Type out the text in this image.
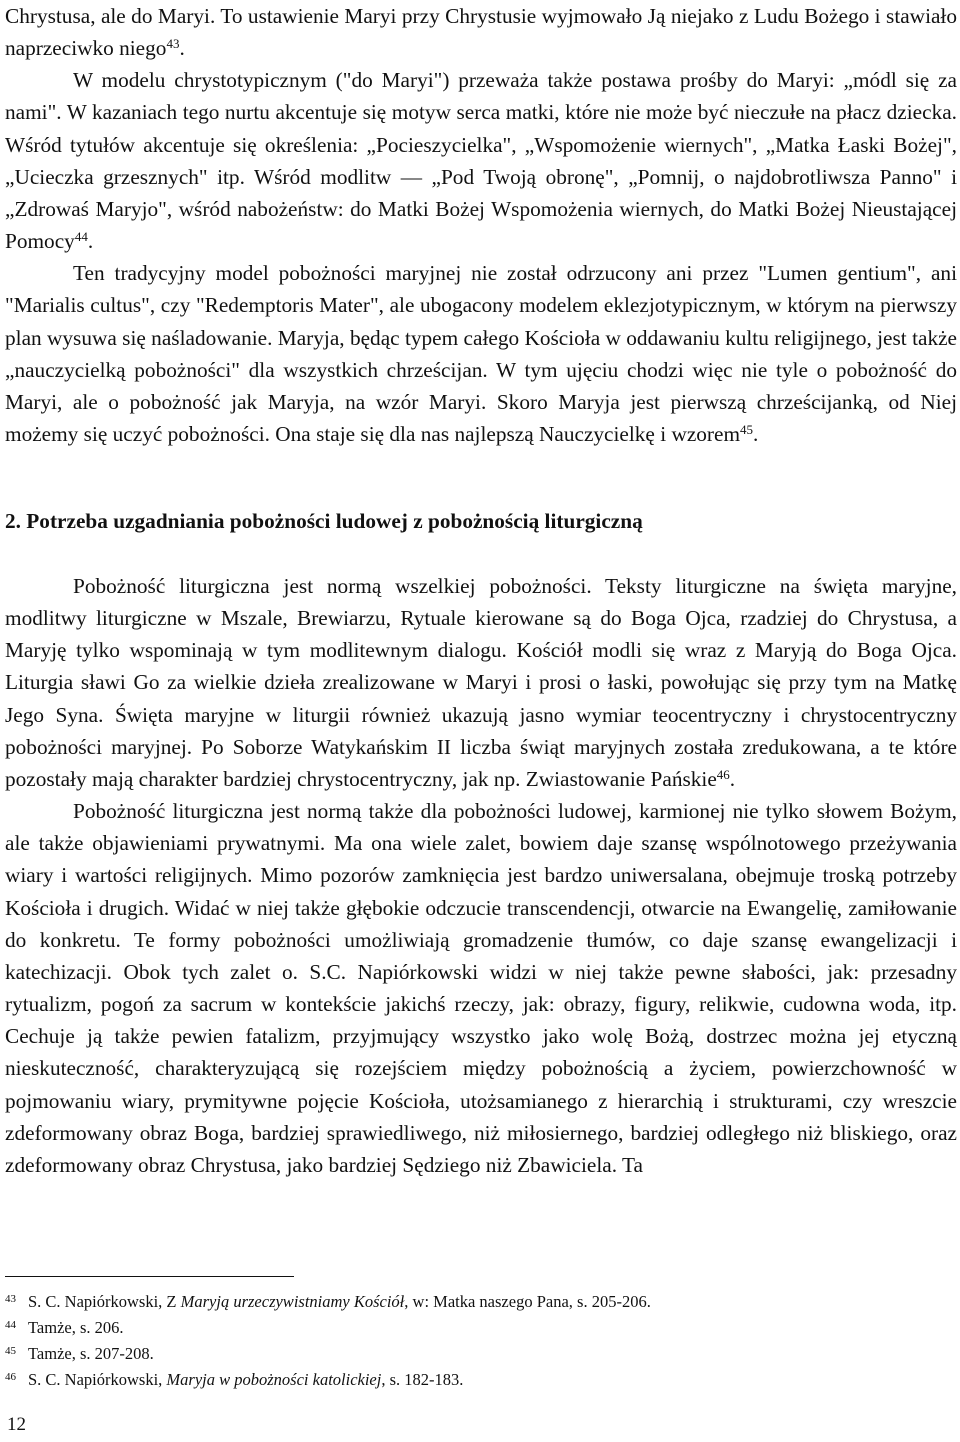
Chrystusa, ale do Maryi. To ustawienie Maryi przy Chrystusie wyjmowało Ją niejako z Ludu Bożego i stawiało naprzeciwko niego$^{43}$.

W modelu chrystotypicznym ("do Maryi") przeważa także postawa prośby do Maryi: „módl się za nami". W kazaniach tego nurtu akcentuje się motyw serca matki, które nie może być nieczułe na płacz dziecka. Wśród tytułów akcentuje się określenia: „Pocieszycielka", „Wspomożenie wiernych", „Matka Łaski Bożej", „Ucieczka grzesznych" itp. Wśród modlitw — „Pod Twoją obronę", „Pomnij, o najdobrotliwsza Panno" i „Zdrowaś Maryjo", wśród nabożeństw: do Matki Bożej Wspomożenia wiernych, do Matki Bożej Nieustającej Pomocy$^{44}$.

Ten tradycyjny model pobożności maryjnej nie został odrzucony ani przez "Lumen gentium", ani "Marialis cultus", czy "Redemptoris Mater", ale ubogacony modelem eklezjotypicznym, w którym na pierwszy plan wysuwa się naśladowanie. Maryja, będąc typem całego Kościoła w oddawaniu kultu religijnego, jest także „nauczycielką pobożności" dla wszystkich chrześcijan. W tym ujęciu chodzi więc nie tyle o pobożność do Maryi, ale o pobożność jak Maryja, na wzór Maryi. Skoro Maryja jest pierwszą chrześcijanką, od Niej możemy się uczyć pobożności. Ona staje się dla nas najlepszą Nauczycielkę i wzorem$^{45}$.

2. Potrzeba uzgadniania pobożności ludowej z pobożnością liturgiczną

Pobożność liturgiczna jest normą wszelkiej pobożności. Teksty liturgiczne na święta maryjne, modlitwy liturgiczne w Mszale, Brewiarzu, Rytuale kierowane są do Boga Ojca, rzadziej do Chrystusa, a Maryję tylko wspominają w tym modlitewnym dialogu. Kościół modli się wraz z Maryją do Boga Ojca. Liturgia sławi Go za wielkie dzieła zrealizowane w Maryi i prosi o łaski, powołując się przy tym na Matkę Jego Syna. Święta maryjne w liturgii również ukazują jasno wymiar teocentryczny i chrystocentryczny pobożności maryjnej. Po Soborze Watykańskim II liczba świąt maryjnych została zredukowana, a te które pozostały mają charakter bardziej chrystocentryczny, jak np. Zwiastowanie Pańskie$^{46}$.

Pobożność liturgiczna jest normą także dla pobożności ludowej, karmionej nie tylko słowem Bożym, ale także objawieniami prywatnymi. Ma ona wiele zalet, bowiem daje szansę wspólnotowego przeżywania wiary i wartości religijnych. Mimo pozorów zamknięcia jest bardzo uniwersalana, obejmuje troską potrzeby Kościoła i drugich. Widać w niej także głębokie odczucie transcendencji, otwarcie na Ewangelię, zamiłowanie do konkretu. Te formy pobożności umożliwiają gromadzenie tłumów, co daje szansę ewangelizacji i katechizacji. Obok tych zalet o. S.C. Napiórkowski widzi w niej także pewne słabości, jak: przesadny rytualizm, pogoń za sacrum w kontekście jakichś rzeczy, jak: obrazy, figury, relikwie, cudowna woda, itp. Cechuje ją także pewien fatalizm, przyjmujący wszystko jako wolę Bożą, dostrzec można jej etyczną nieskuteczność, charakteryzującą się rozejściem między pobożnością a życiem, powierzchowność w pojmowaniu wiary, prymitywne pojęcie Kościoła, utożsamianego z hierarchią i strukturami, czy wreszcie zdeformowany obraz Boga, bardziej sprawiedliwego, niż miłosiernego, bardziej odległego niż bliskiego, oraz zdeformowany obraz Chrystusa, jako bardziej Sędziego niż Zbawiciela. Ta

$^{43}$ S. C. Napiórkowski, Z Maryją urzeczywistniamy Kościół, w: Matka naszego Pana, s. 205-206.

$^{44}$ Tamże, s. 206.

$^{45}$ Tamże, s. 207-208.

$^{46}$ S. C. Napiórkowski, Maryja w pobożności katolickiej, s. 182-183.

12
